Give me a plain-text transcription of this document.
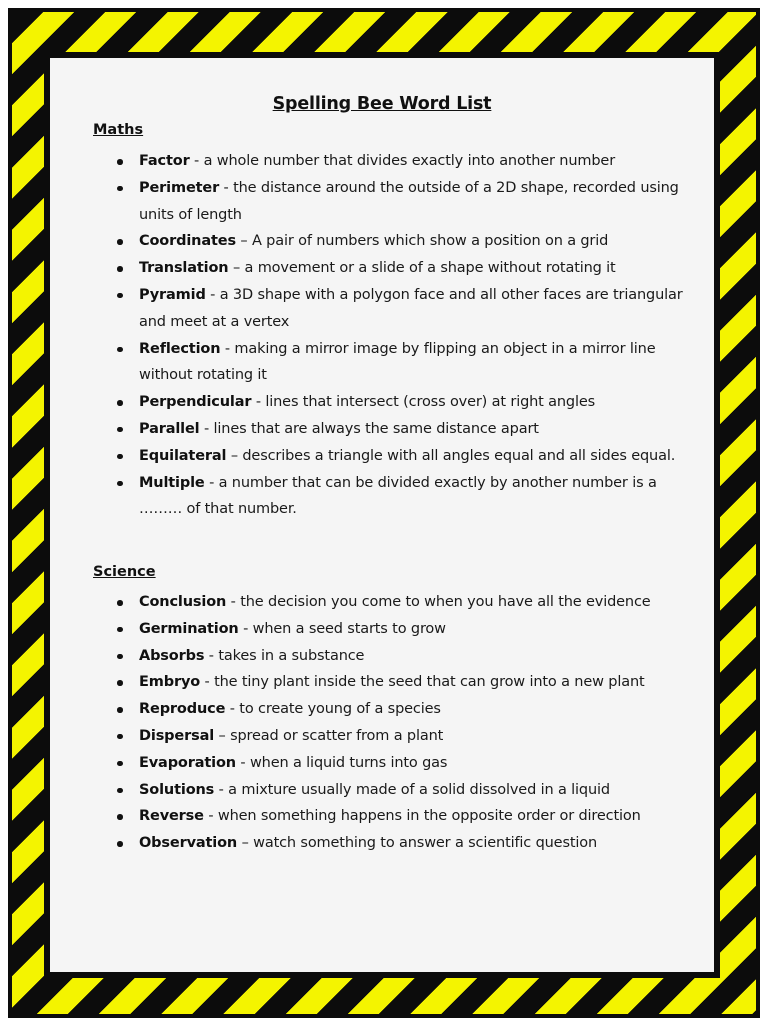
Spelling Bee Word List
Maths
Factor - a whole number that divides exactly into another number
Perimeter - the distance around the outside of a 2D shape, recorded using units of length
Coordinates – A pair of numbers which show a position on a grid
Translation – a movement or a slide of a shape without rotating it
Pyramid - a 3D shape with a polygon face and all other faces are triangular and meet at a vertex
Reflection - making a mirror image by flipping an object in a mirror line without rotating it
Perpendicular - lines that intersect (cross over) at right angles
Parallel - lines that are always the same distance apart
Equilateral – describes a triangle with all angles equal and all sides equal.
Multiple - a number that can be divided exactly by another number is a ……… of that number.
Science
Conclusion - the decision you come to when you have all the evidence
Germination - when a seed starts to grow
Absorbs - takes in a substance
Embryo - the tiny plant inside the seed that can grow into a new plant
Reproduce - to create young of a species
Dispersal – spread or scatter from a plant
Evaporation - when a liquid turns into gas
Solutions - a mixture usually made of a solid dissolved in a liquid
Reverse - when something happens in the opposite order or direction
Observation – watch something to answer a scientific question
